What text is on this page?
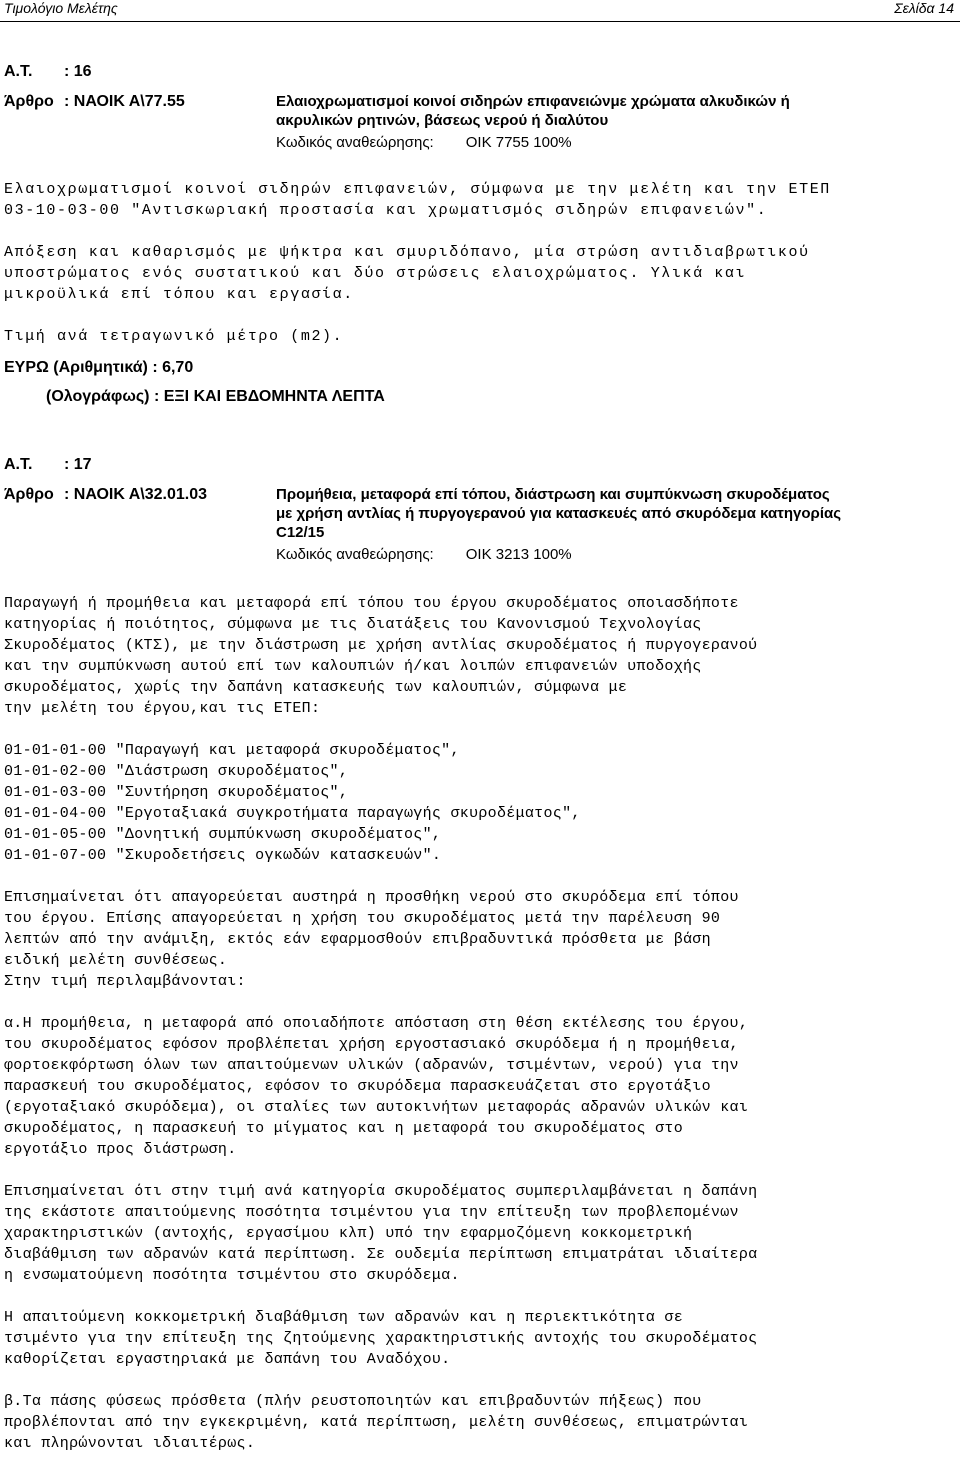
Τιμολόγιο Μελέτης	Σελίδα 14
Α.Τ. : 16
Άρθρο : ΝΑΟΙΚ Α\77.55	Ελαιοχρωματισμοί κοινοί σιδηρών επιφανειώνμε χρώματα αλκυδικών ή
ακρυλικών ρητινών, βάσεως νερού ή διαλύτου
Κωδικός αναθεώρησης: ΟΙΚ 7755 100%
Ελαιοχρωματισμοί κοινοί σιδηρών επιφανειών, σύμφωνα με την μελέτη και την ΕΤΕΠ
03-10-03-00 "Αντισκωριακή προστασία και χρωματισμός σιδηρών επιφανειών".
Απόξεση και καθαρισμός με ψήκτρα και σμυριδόπανο, μία στρώση αντιδιαβρωτικού
υποστρώματος ενός συστατικού και δύο στρώσεις ελαιοχρώματος. Υλικά και
μικροϋλικά επί τόπου και εργασία.
Τιμή ανά τετραγωνικό μέτρο (m2).
ΕΥΡΩ (Αριθμητικά) : 6,70
(Ολογράφως) : ΕΞΙ ΚΑΙ ΕΒΔΟΜΗΝΤΑ ΛΕΠΤΑ
Α.Τ. : 17
Άρθρο : ΝΑΟΙΚ Α\32.01.03	Προμήθεια, μεταφορά επί τόπου, διάστρωση και συμπύκνωση σκυροδέματος
με χρήση αντλίας ή πυργογερανού για κατασκευές από σκυρόδεμα κατηγορίας
C12/15
Κωδικός αναθεώρησης: ΟΙΚ 3213 100%
Παραγωγή ή προμήθεια και μεταφορά επί τόπου του έργου σκυροδέματος οποιασδήποτε
κατηγορίας ή ποιότητος, σύμφωνα με τις διατάξεις του Κανονισμού Τεχνολογίας
Σκυροδέματος (ΚΤΣ), με την διάστρωση με χρήση αντλίας σκυροδέματος ή πυργογερανού
και την συμπύκνωση αυτού επί των καλουπιών ή/και λοιπών επιφανειών υποδοχής
σκυροδέματος, χωρίς την δαπάνη κατασκευής των καλουπιών, σύμφωνα με
την μελέτη του έργου,και τις ΕΤΕΠ:
01-01-01-00 "Παραγωγή και μεταφορά σκυροδέματος",
01-01-02-00 "Διάστρωση σκυροδέματος",
01-01-03-00 "Συντήρηση σκυροδέματος",
01-01-04-00 "Εργοταξιακά συγκροτήματα παραγωγής σκυροδέματος",
01-01-05-00 "Δονητική συμπύκνωση σκυροδέματος",
01-01-07-00 "Σκυροδετήσεις ογκωδών κατασκευών".
Επισημαίνεται ότι απαγορεύεται αυστηρά η προσθήκη νερού στο σκυρόδεμα επί τόπου
του έργου. Επίσης απαγορεύεται η χρήση του σκυροδέματος μετά την παρέλευση 90
λεπτών από την ανάμιξη, εκτός εάν εφαρμοσθούν επιβραδυντικά πρόσθετα με βάση
ειδική μελέτη συνθέσεως.
Στην τιμή περιλαμβάνονται:
α.Η προμήθεια, η μεταφορά από οποιαδήποτε απόσταση στη θέση εκτέλεσης του έργου,
του σκυροδέματος εφόσον προβλέπεται χρήση εργοστασιακό σκυρόδεμα ή η προμήθεια,
φορτοεκφόρτωση όλων των απαιτούμενων υλικών (αδρανών, τσιμέντων, νερού) για την
παρασκευή του σκυροδέματος, εφόσον το σκυρόδεμα παρασκευάζεται στο εργοτάξιο
(εργοταξιακό σκυρόδεμα), οι σταλίες των αυτοκινήτων μεταφοράς αδρανών υλικών και
σκυροδέματος, η παρασκευή το μίγματος και η μεταφορά του σκυροδέματος στο
εργοτάξιο προς διάστρωση.
Επισημαίνεται ότι στην τιμή ανά κατηγορία σκυροδέματος συμπεριλαμβάνεται η δαπάνη
της εκάστοτε απαιτούμενης ποσότητα τσιμέντου για την επίτευξη των προβλεπομένων
χαρακτηριστικών (αντοχής, εργασίμου κλπ) υπό την εφαρμοζόμενη κοκκομετρική
διαβάθμιση των αδρανών κατά περίπτωση. Σε ουδεμία περίπτωση επιματράται ιδιαίτερα
η ενσωματούμενη ποσότητα τσιμέντου στο σκυρόδεμα.
Η απαιτούμενη κοκκομετρική διαβάθμιση των αδρανών και η περιεκτικότητα σε
τσιμέντο για την επίτευξη της ζητούμενης χαρακτηριστικής αντοχής του σκυροδέματος
καθορίζεται εργαστηριακά με δαπάνη του Αναδόχου.
β.Τα πάσης φύσεως πρόσθετα (πλήν ρευστοποιητών και επιβραδυντών πήξεως) που
προβλέπονται από την εγκεκριμένη, κατά περίπτωση, μελέτη συνθέσεως, επιματρώνται
και πληρώνονται ιδιαιτέρως.
